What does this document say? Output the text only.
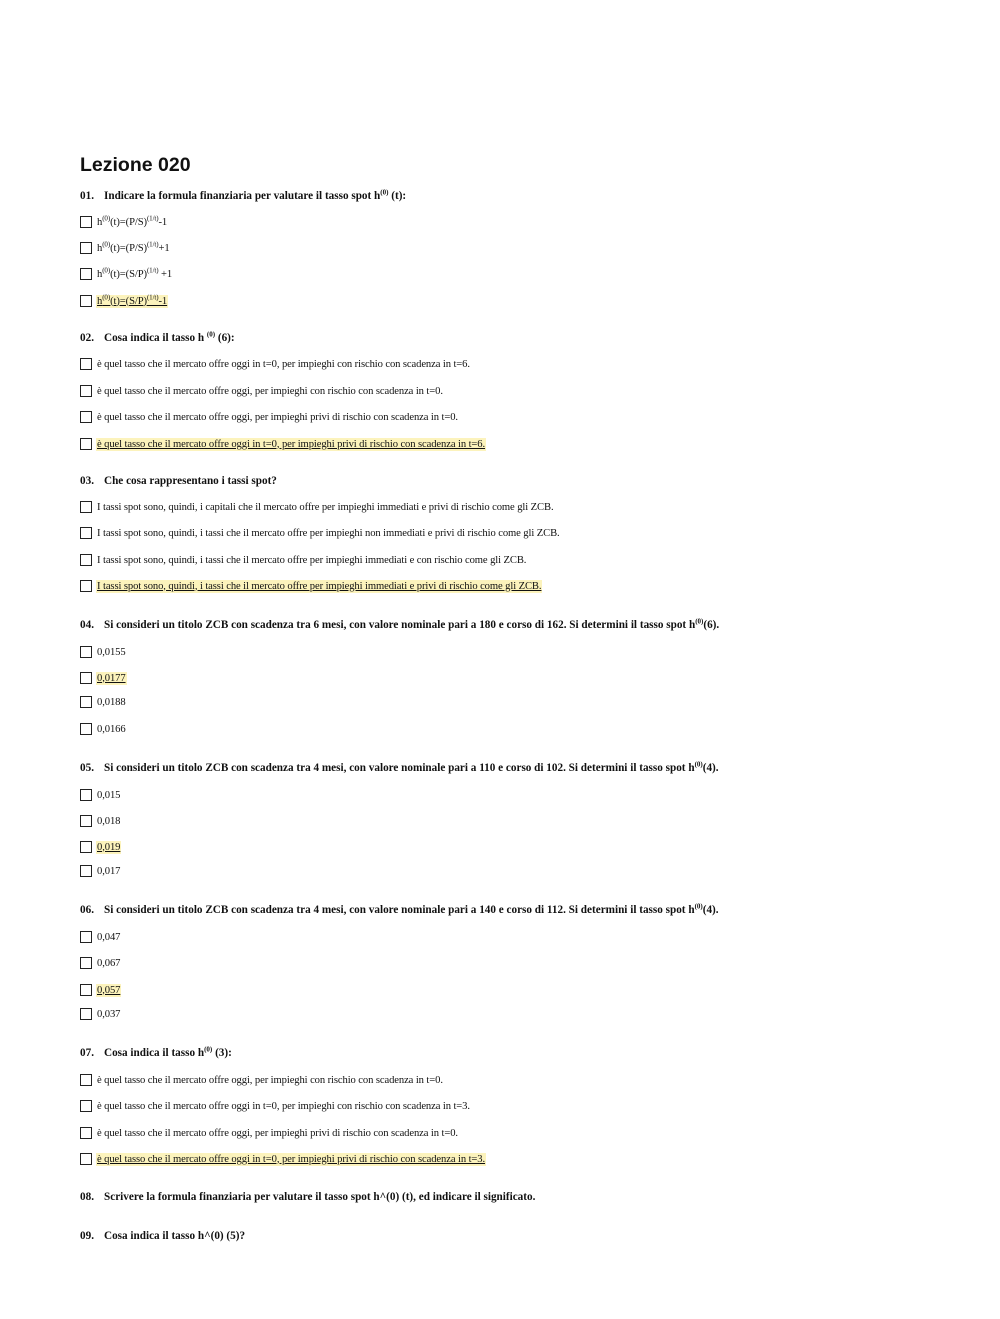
Lezione 020
01. Indicare la formula finanziaria per valutare il tasso spot $h^{(0)}$ (t):
$h^{(0)}(t)=(P/S)^{(1/t)}-1$
$h^{(0)}(t)=(P/S)^{(1/t)}+1$
$h^{(0)}(t)=(S/P)^{(1/t)} +1$
$h^{(0)}(t)=(S/P)^{(1/t)}-1$
02. Cosa indica il tasso h $^{(0)}$ (6):
è quel tasso che il mercato offre oggi in t=0, per impieghi con rischio con scadenza in t=6.
è quel tasso che il mercato offre oggi, per impieghi con rischio con scadenza in t=0.
è quel tasso che il mercato offre oggi, per impieghi privi di rischio con scadenza in t=0.
è quel tasso che il mercato offre oggi in t=0, per impieghi privi di rischio con scadenza in t=6.
03. Che cosa rappresentano i tassi spot?
I tassi spot sono, quindi, i capitali che il mercato offre per impieghi immediati e privi di rischio come gli ZCB.
I tassi spot sono, quindi, i tassi che il mercato offre per impieghi non immediati e privi di rischio come gli ZCB.
I tassi spot sono, quindi, i tassi che il mercato offre per impieghi immediati e con rischio come gli ZCB.
I tassi spot sono, quindi, i tassi che il mercato offre per impieghi immediati e privi di rischio come gli ZCB.
04. Si consideri un titolo ZCB con scadenza tra 6 mesi, con valore nominale pari a 180 e corso di 162. Si determini il tasso spot $h^{(0)}(6)$.
0,0155
0,0177
0,0188
0,0166
05. Si consideri un titolo ZCB con scadenza tra 4 mesi, con valore nominale pari a 110 e corso di 102. Si determini il tasso spot $h^{(0)}(4)$.
0,015
0,018
0,019
0,017
06. Si consideri un titolo ZCB con scadenza tra 4 mesi, con valore nominale pari a 140 e corso di 112. Si determini il tasso spot $h^{(0)}(4)$.
0,047
0,067
0,057
0,037
07. Cosa indica il tasso $h^{(0)}$ (3):
è quel tasso che il mercato offre oggi, per impieghi con rischio con scadenza in t=0.
è quel tasso che il mercato offre oggi in t=0, per impieghi con rischio con scadenza in t=3.
è quel tasso che il mercato offre oggi, per impieghi privi di rischio con scadenza in t=0.
è quel tasso che il mercato offre oggi in t=0, per impieghi privi di rischio con scadenza in t=3.
08. Scrivere la formula finanziaria per valutare il tasso spot h^(0) (t), ed indicare il significato.
09. Cosa indica il tasso h^(0) (5)?
